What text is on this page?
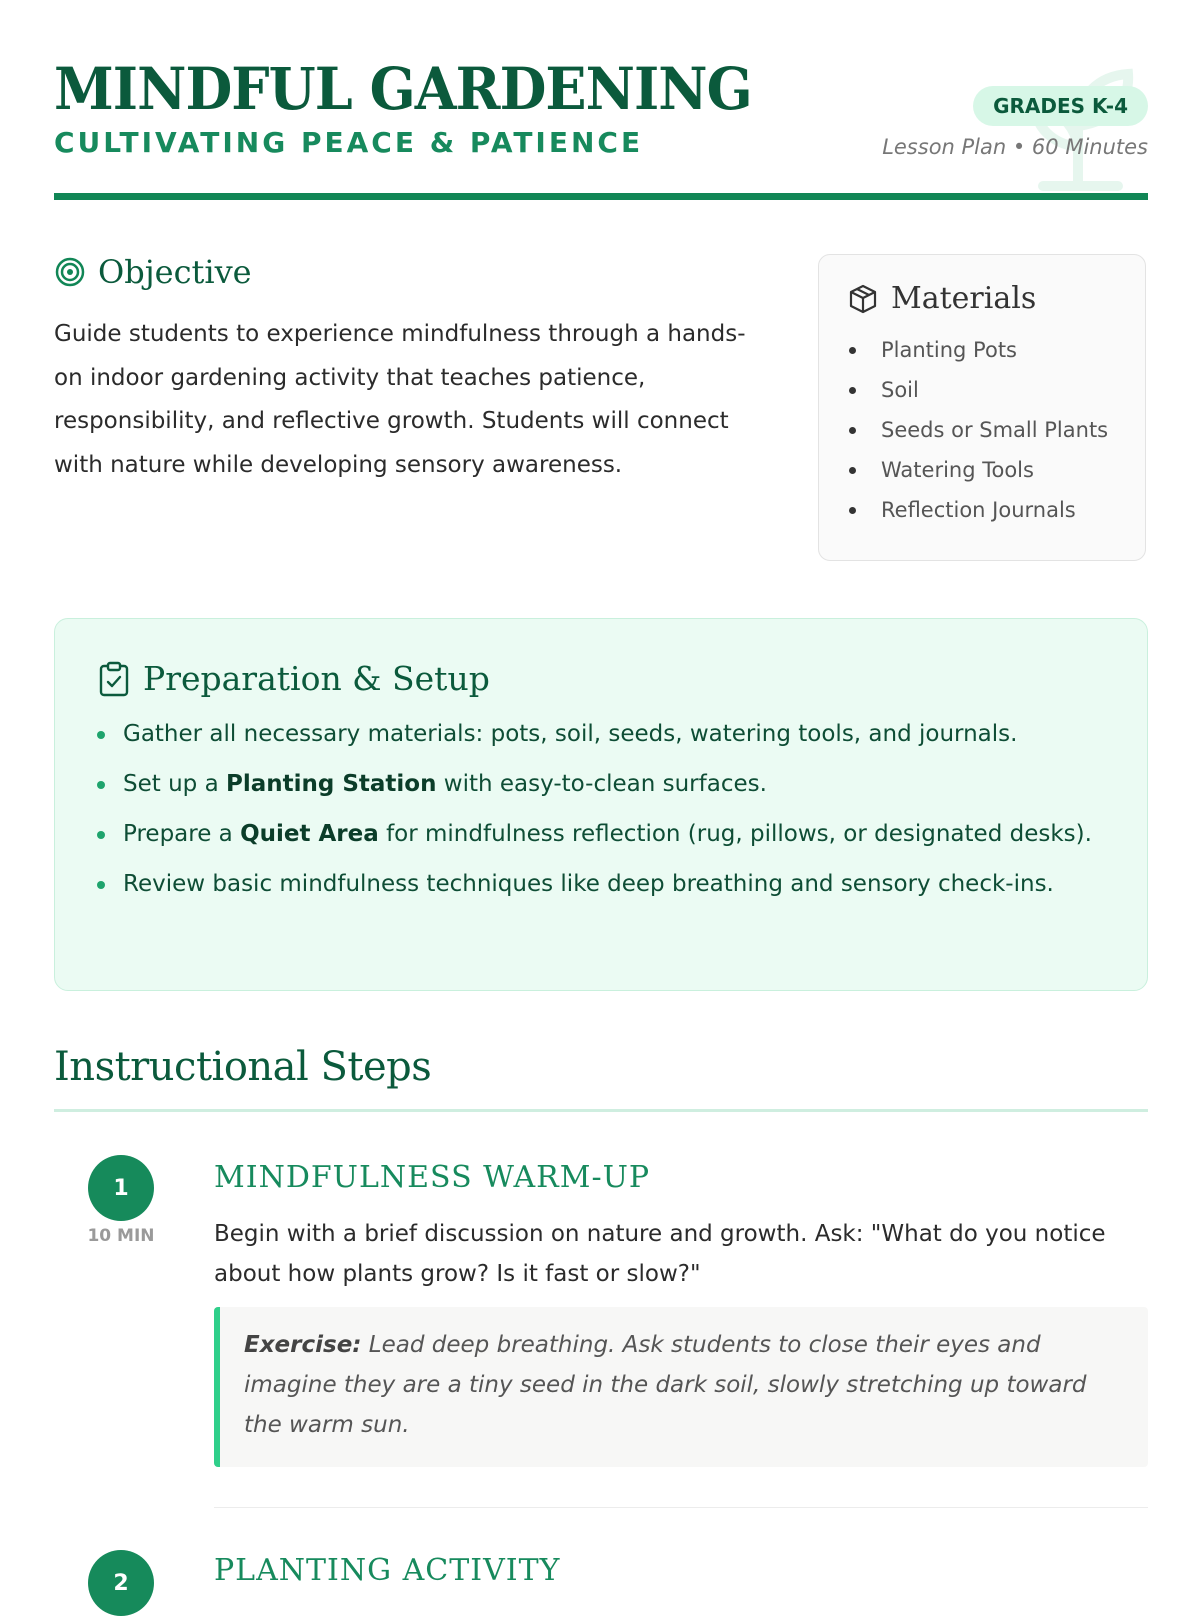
MINDFUL GARDENING
CULTIVATING PEACE & PATIENCE
GRADES K-4
Lesson Plan • 60 Minutes
Objective

Guide students to experience mindfulness through a hands-on indoor gardening activity that teaches patience, responsibility, and reflective growth. Students will connect with nature while developing sensory awareness.

Materials
Planting Pots
Soil
Seeds or Small Plants
Watering Tools
Reflection Journals
Preparation & Setup
Gather all necessary materials: pots, soil, seeds, watering tools, and journals.
Set up a Planting Station with easy-to-clean surfaces.
Prepare a Quiet Area for mindfulness reflection (rug, pillows, or designated desks).
Review basic mindfulness techniques like deep breathing and sensory check-ins.
Instructional Steps
1
10 MIN
MINDFULNESS WARM-UP

Begin with a brief discussion on nature and growth. Ask: "What do you notice about how plants grow? Is it fast or slow?"

Exercise: Lead deep breathing. Ask students to close their eyes and imagine they are a tiny seed in the dark soil, slowly stretching up toward the warm sun.
2	PLANTING ACTIVITY
